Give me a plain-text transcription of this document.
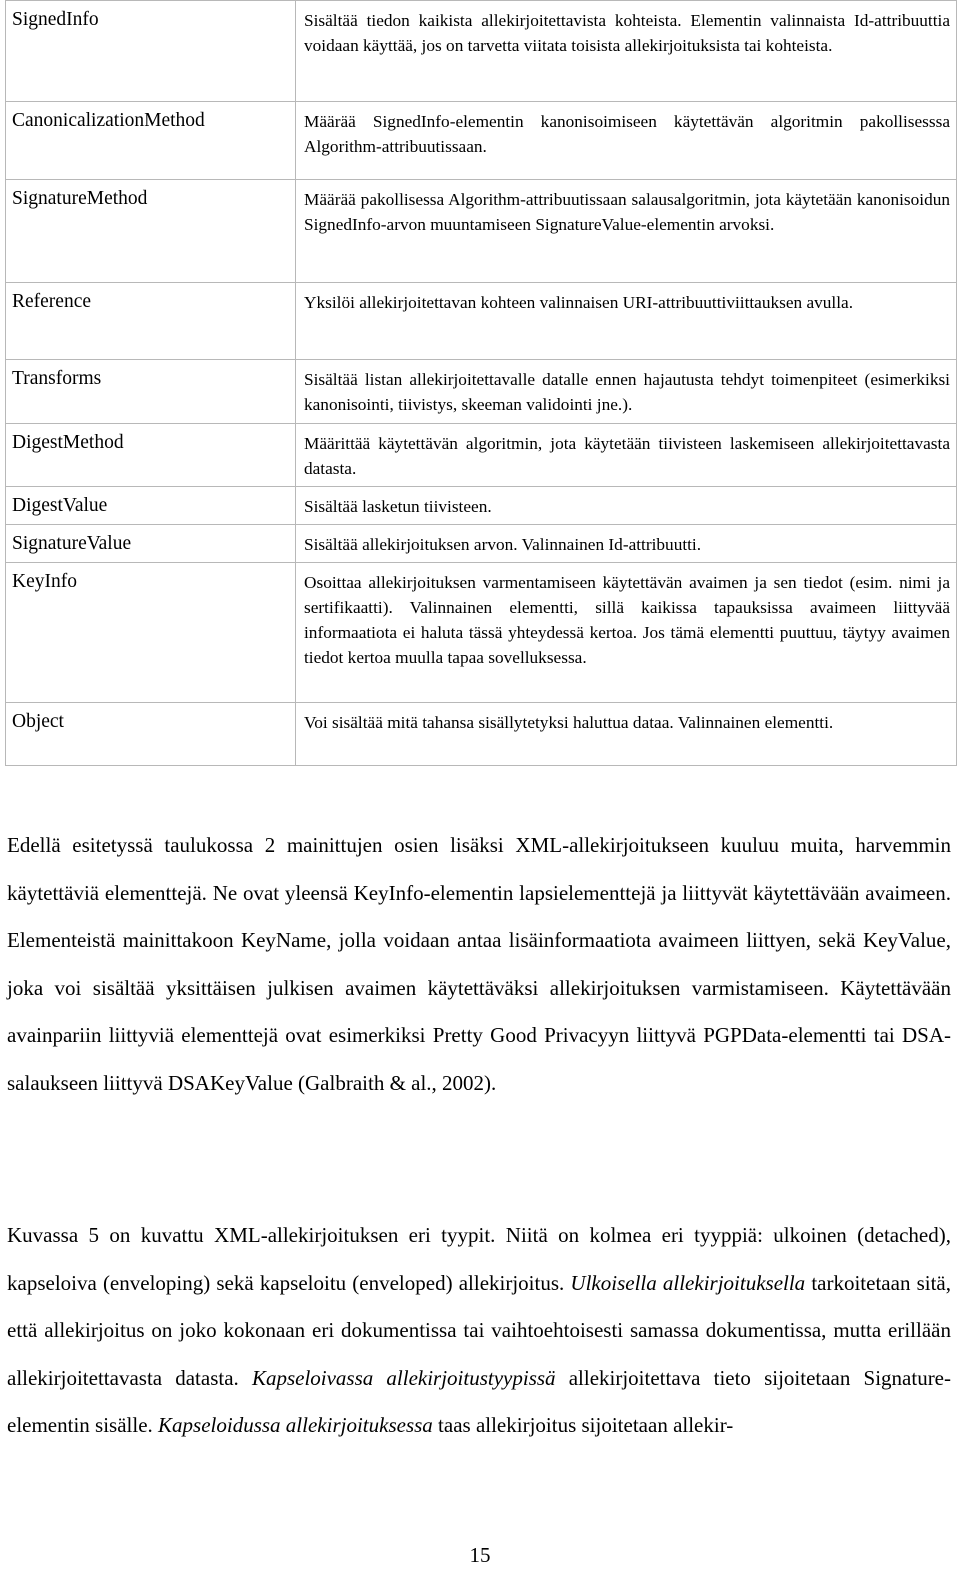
SignedInfo	Sisältää tiedon kaikista allekirjoitettavista kohteista. Elementin valinnaista Id-attribuuttia voidaan käyttää, jos on tarvetta viitata toisista allekirjoituksista tai kohteista.
CanonicalizationMethod	Määrää SignedInfo-elementin kanonisoimiseen käytettävän algoritmin pakollisesssa Algorithm-attribuutissaan.
SignatureMethod	Määrää pakollisessa Algorithm-attribuutissaan salausalgoritmin, jota käytetään kanonisoidun SignedInfo-arvon muuntamiseen SignatureValue-elementin arvoksi.
Reference	Yksilöi allekirjoitettavan kohteen valinnaisen URI-attribuuttiviittauksen avulla.
Transforms	Sisältää listan allekirjoitettavalle datalle ennen hajautusta tehdyt toimenpiteet (esimerkiksi kanonisointi, tiivistys, skeeman validointi jne.).
DigestMethod	Määrittää käytettävän algoritmin, jota käytetään tiivisteen laskemiseen allekirjoitettavasta datasta.
DigestValue	Sisältää lasketun tiivisteen.
SignatureValue	Sisältää allekirjoituksen arvon. Valinnainen Id-attribuutti.
KeyInfo	Osoittaa allekirjoituksen varmentamiseen käytettävän avaimen ja sen tiedot (esim. nimi ja sertifikaatti). Valinnainen elementti, sillä kaikissa tapauksissa avaimeen liittyvää informaatiota ei haluta tässä yhteydessä kertoa. Jos tämä elementti puuttuu, täytyy avaimen tiedot kertoa muulla tapaa sovelluksessa.
Object	Voi sisältää mitä tahansa sisällytetyksi haluttua dataa. Valinnainen elementti.
Edellä esitetyssä taulukossa 2 mainittujen osien lisäksi XML-allekirjoitukseen kuuluu muita, harvemmin käytettäviä elementtejä. Ne ovat yleensä KeyInfo-elementin lapsielementtejä ja liittyvät käytettävään avaimeen. Elementeistä mainittakoon KeyName, jolla voidaan antaa lisäinformaatiota avaimeen liittyen, sekä KeyValue, joka voi sisältää yksittäisen julkisen avaimen käytettäväksi allekirjoituksen varmistamiseen. Käytettävään avainpariin liittyviä elementtejä ovat esimerkiksi Pretty Good Privacyyn liittyvä PGPData-elementti tai DSA-salaukseen liittyvä DSAKeyValue (Galbraith & al., 2002).
Kuvassa 5 on kuvattu XML-allekirjoituksen eri tyypit. Niitä on kolmea eri tyyppiä: ulkoinen (detached), kapseloiva (enveloping) sekä kapseloitu (enveloped) allekirjoitus. Ulkoisella allekirjoituksella tarkoitetaan sitä, että allekirjoitus on joko kokonaan eri dokumentissa tai vaihtoehtoisesti samassa dokumentissa, mutta erillään allekirjoitettavasta datasta. Kapseloivassa allekirjoitustyypissä allekirjoitettava tieto sijoitetaan Signature-elementin sisälle. Kapseloidussa allekirjoituksessa taas allekirjoitus sijoitetaan allekir-
15
